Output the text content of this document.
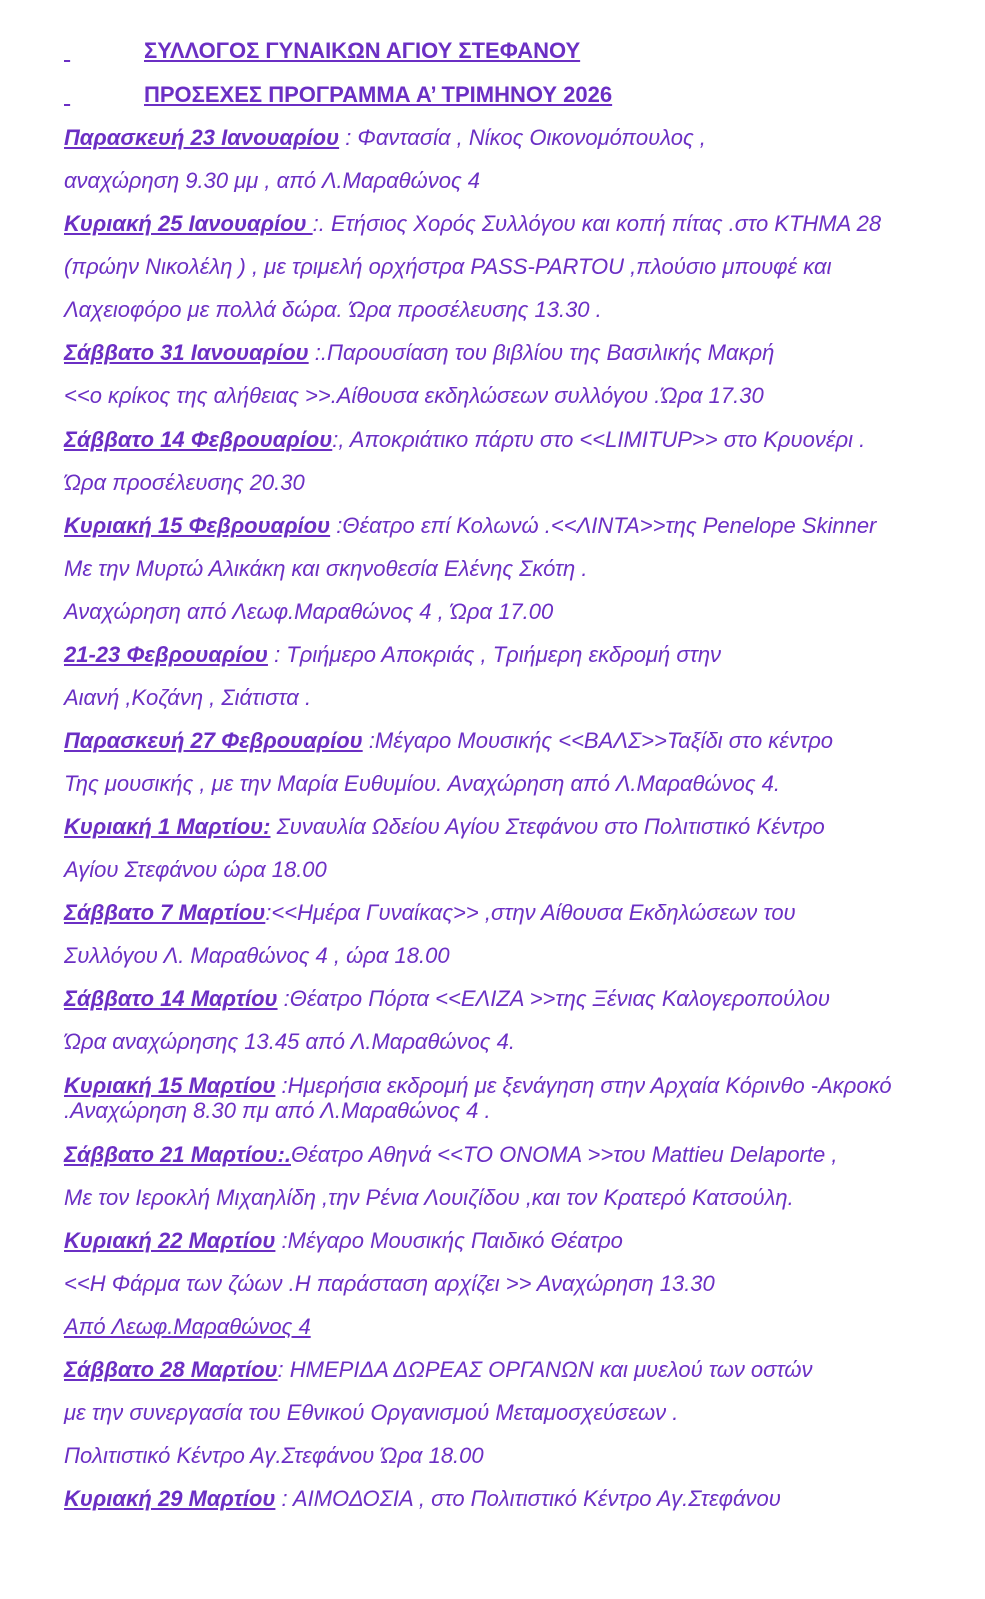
ΣΥΛΛΟΓΟΣ ΓΥΝΑΙΚΩΝ ΑΓΙΟΥ ΣΤΕΦΑΝΟΥ
ΠΡΟΣΕΧΕΣ ΠΡΟΓΡΑΜΜΑ Α’ ΤΡΙΜΗΝΟΥ 2026
Παρασκευή 23 Ιανουαρίου : Φαντασία , Νίκος Οικονομόπουλος ,
αναχώρηση 9.30 μμ , από Λ.Μαραθώνος 4
Κυριακή 25 Ιανουαρίου :. Ετήσιος Χορός Συλλόγου και κοπή πίτας .στο ΚΤΗΜΑ 28
(πρώην Νικολέλη ) , με τριμελή ορχήστρα PASS-PARTOU ,πλούσιο μπουφέ και
Λαχειοφόρο με πολλά δώρα. Ώρα προσέλευσης 13.30 .
Σάββατο 31 Ιανουαρίου :.Παρουσίαση του βιβλίου της Βασιλικής Μακρή
<<ο κρίκος της αλήθειας >>.Αίθουσα εκδηλώσεων συλλόγου .Ώρα 17.30
Σάββατο 14 Φεβρουαρίου:, Αποκριάτικο πάρτυ στο <<LIMITUP>> στο Κρυονέρι .
Ώρα προσέλευσης 20.30
Κυριακή 15 Φεβρουαρίου :Θέατρο επί Κολωνώ .<<ΛΙΝΤΑ>>της Penelope Skinner
Με την Μυρτώ Αλικάκη και σκηνοθεσία Ελένης Σκότη .
Αναχώρηση από Λεωφ.Μαραθώνος 4 , Ώρα 17.00
21-23 Φεβρουαρίου : Τριήμερο Αποκριάς , Τριήμερη εκδρομή στην
Αιανή ,Κοζάνη , Σιάτιστα .
Παρασκευή 27 Φεβρουαρίου :Μέγαρο Μουσικής <<ΒΑΛΣ>>Ταξίδι στο κέντρο
Της μουσικής , με την Μαρία Ευθυμίου. Αναχώρηση από Λ.Μαραθώνος 4.
Κυριακή 1 Μαρτίου: Συναυλία Ωδείου Αγίου Στεφάνου στο Πολιτιστικό Κέντρο
Αγίου Στεφάνου ώρα 18.00
Σάββατο 7 Μαρτίου:<<Ημέρα Γυναίκας>> ,στην Αίθουσα Εκδηλώσεων του
Συλλόγου Λ. Μαραθώνος 4 , ώρα 18.00
Σάββατο 14 Μαρτίου :Θέατρο Πόρτα <<ΕΛΙΖΑ >>της Ξένιας Καλογεροπούλου
Ώρα αναχώρησης 13.45 από Λ.Μαραθώνος 4.
Κυριακή 15 Μαρτίου :Ημερήσια εκδρομή με ξενάγηση στην Αρχαία Κόρινθο -Ακροκό
.Αναχώρηση 8.30 πμ από Λ.Μαραθώνος 4 .
Σάββατο 21 Μαρτίου:.Θέατρο Αθηνά <<ΤΟ ΟΝΟΜΑ >>του Mattieu Delaporte ,
Με τον Ιεροκλή Μιχαηλίδη ,την Ρένια Λουιζίδου ,και τον Κρατερό Κατσούλη.
Κυριακή 22 Μαρτίου :Μέγαρο Μουσικής Παιδικό Θέατρο
<<Η Φάρμα των ζώων .Η παράσταση αρχίζει >> Αναχώρηση 13.30
Από Λεωφ.Μαραθώνος 4
Σάββατο 28 Μαρτίου: ΗΜΕΡΙΔΑ ΔΩΡΕΑΣ ΟΡΓΑΝΩΝ και μυελού των οστών
με την συνεργασία του Εθνικού Οργανισμού Μεταμοσχεύσεων .
Πολιτιστικό Κέντρο Αγ.Στεφάνου Ώρα 18.00
Κυριακή 29 Μαρτίου : ΑΙΜΟΔΟΣΙΑ , στο Πολιτιστικό Κέντρο Αγ.Στεφάνου
